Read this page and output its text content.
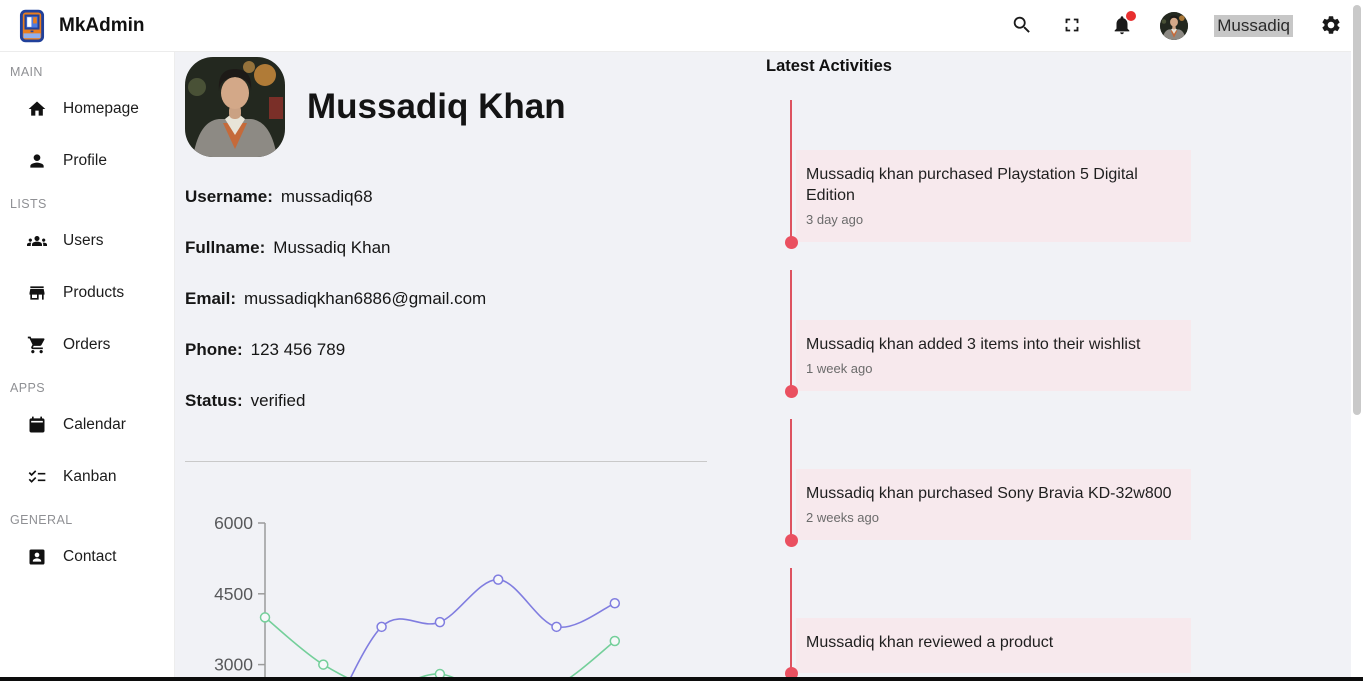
MkAdmin	Mussadiq
MAIN
Homepage
Profile
LISTS
Users
Products
Orders
APPS
Calendar
Kanban
GENERAL
Contact
Mussadiq Khan

Username: mussadiq68

Fullname: Mussadiq Khan

Email: mussadiqkhan6886@gmail.com

Phone: 123 456 789

Status: verified

3000
4500
6000
Latest Activities
Mussadiq khan purchased Playstation 5 Digital Edition
3 day ago
Mussadiq khan added 3 items into their wishlist
1 week ago
Mussadiq khan purchased Sony Bravia KD-32w800
2 weeks ago
Mussadiq khan reviewed a product
